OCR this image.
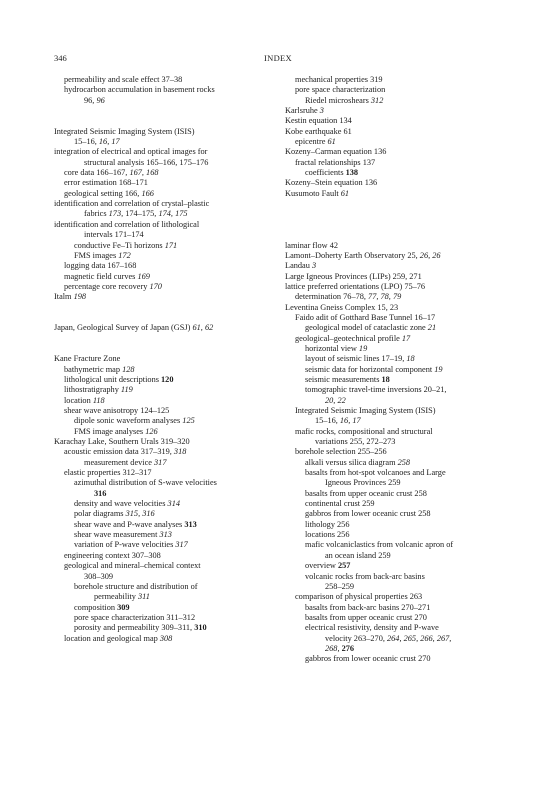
346	INDEX
permeability and scale effect 37–38
hydrocarbon accumulation in basement rocks
96, 96
Integrated Seismic Imaging System (ISIS)
15–16, 16, 17
integration of electrical and optical images for
structural analysis 165–166, 175–176
core data 166–167, 167, 168
error estimation 168–171
geological setting 166, 166
identification and correlation of crystal–plastic
fabrics 173, 174–175, 174, 175
identification and correlation of lithological
intervals 171–174
conductive Fe–Ti horizons 171
FMS images 172
logging data 167–168
magnetic field curves 169
percentage core recovery 170
Italm 198
Japan, Geological Survey of Japan (GSJ) 61, 62
Kane Fracture Zone
bathymetric map 128
lithological unit descriptions 120
lithostratigraphy 119
location 118
shear wave anisotropy 124–125
dipole sonic waveform analyses 125
FMS image analyses 126
Karachay Lake, Southern Urals 319–320
acoustic emission data 317–319, 318
measurement device 317
elastic properties 312–317
azimuthal distribution of S-wave velocities
316
density and wave velocities 314
polar diagrams 315, 316
shear wave and P-wave analyses 313
shear wave measurement 313
variation of P-wave velocities 317
engineering context 307–308
geological and mineral–chemical context
308–309
borehole structure and distribution of
permeability 311
composition 309
pore space characterization 311–312
porosity and permeability 309–311, 310
location and geological map 308
mechanical properties 319
pore space characterization
Riedel microshears 312
Karlsruhe 3
Kestin equation 134
Kobe earthquake 61
epicentre 61
Kozeny–Carman equation 136
fractal relationships 137
coefficients 138
Kozeny–Stein equation 136
Kusumoto Fault 61
laminar flow 42
Lamont–Doherty Earth Observatory 25, 26, 26
Landau 3
Large Igneous Provinces (LIPs) 259, 271
lattice preferred orientations (LPO) 75–76
determination 76–78, 77, 78, 79
Leventina Gneiss Complex 15, 23
Faido adit of Gotthard Base Tunnel 16–17
geological model of cataclastic zone 21
geological–geotechnical profile 17
horizontal view 19
layout of seismic lines 17–19, 18
seismic data for horizontal component 19
seismic measurements 18
tomographic travel-time inversions 20–21,
20, 22
Integrated Seismic Imaging System (ISIS)
15–16, 16, 17
mafic rocks, compositional and structural
variations 255, 272–273
borehole selection 255–256
alkali versus silica diagram 258
basalts from hot-spot volcanoes and Large
Igneous Provinces 259
basalts from upper oceanic crust 258
continental crust 259
gabbros from lower oceanic crust 258
lithology 256
locations 256
mafic volcaniclastics from volcanic apron of
an ocean island 259
overview 257
volcanic rocks from back-arc basins
258–259
comparison of physical properties 263
basalts from back-arc basins 270–271
basalts from upper oceanic crust 270
electrical resistivity, density and P-wave
velocity 263–270, 264, 265, 266, 267,
268, 276
gabbros from lower oceanic crust 270
